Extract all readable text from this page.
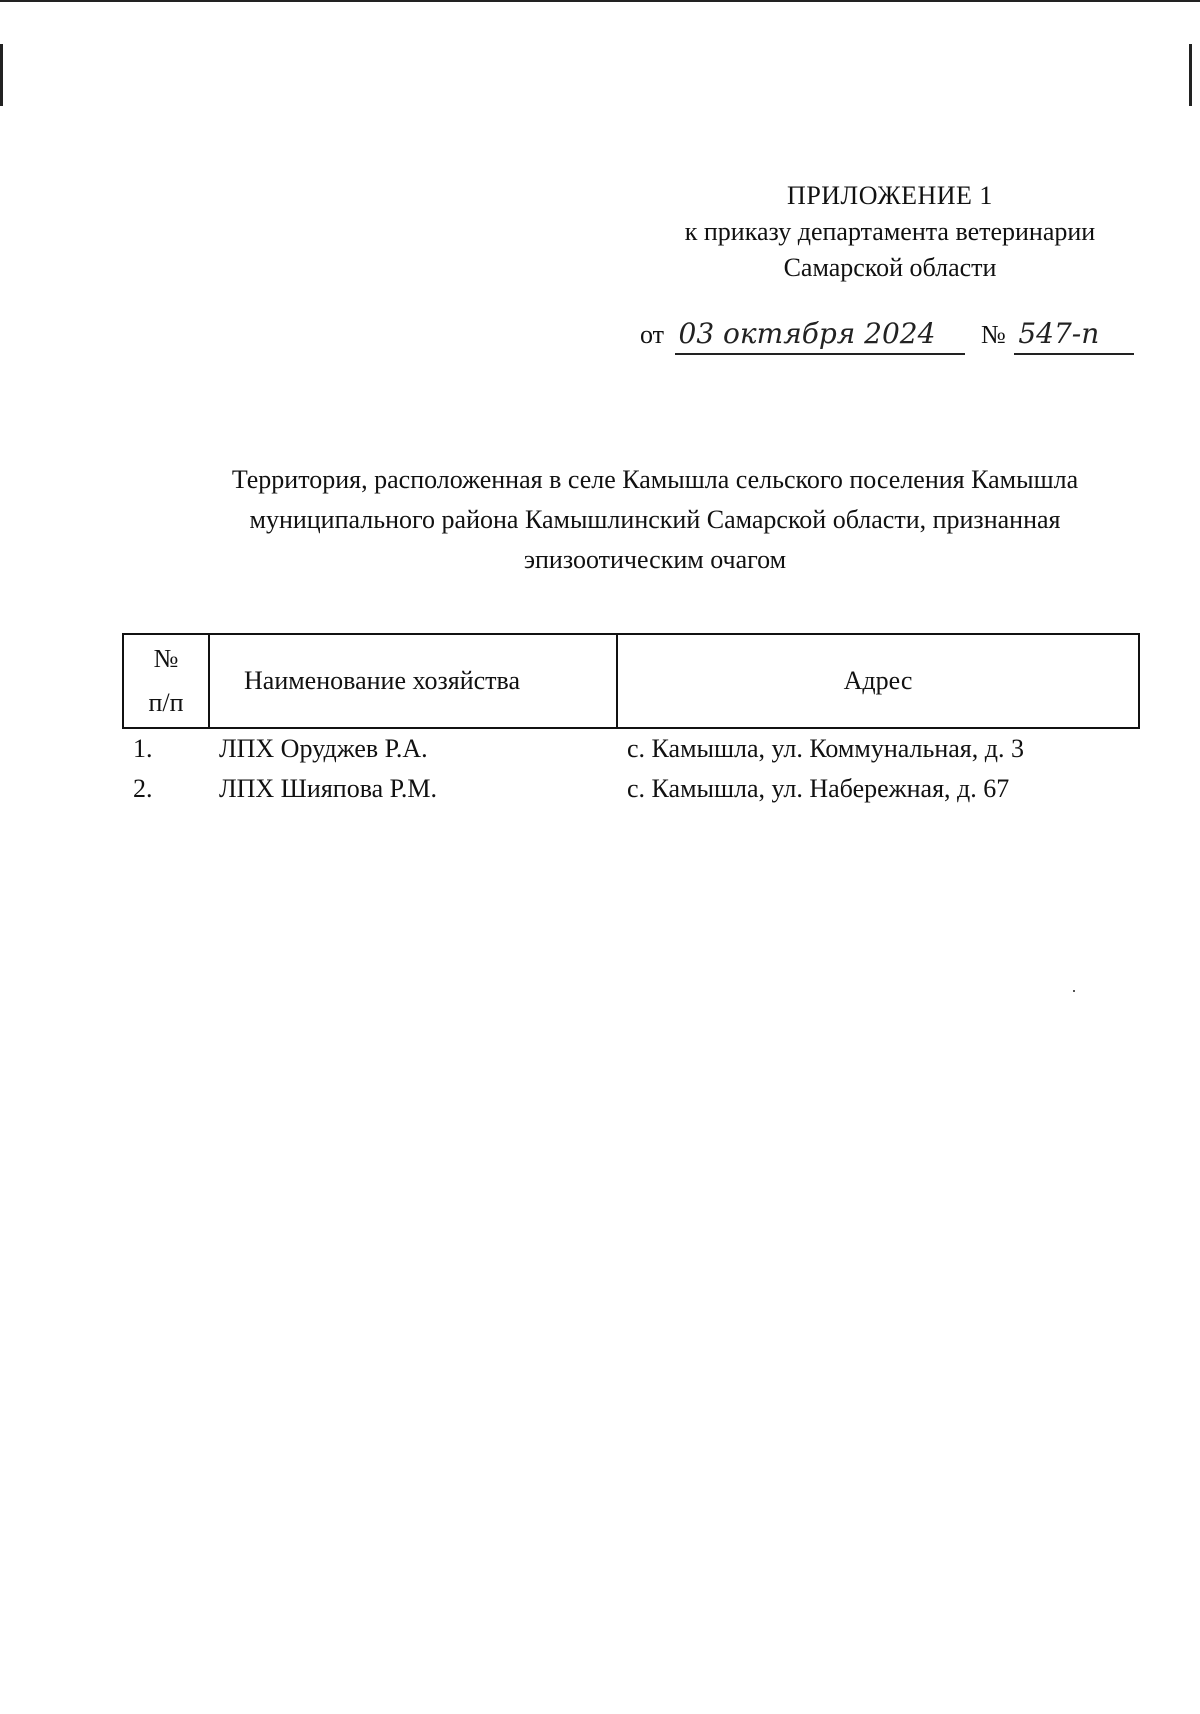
ПРИЛОЖЕНИЕ 1
к приказу департамента ветеринарии
Самарской области
от 03 октября 2024 № 547-п
Территория, расположенная в селе Камышла сельского поселения Камышла
муниципального района Камышлинский Самарской области, признанная
эпизоотическим очагом
№
п/п	Наименование хозяйства	Адрес
1.	ЛПХ Оруджев Р.А.	с. Камышла, ул. Коммунальная, д. 3
2.	ЛПХ Шияпова Р.М.	с. Камышла, ул. Набережная, д. 67
